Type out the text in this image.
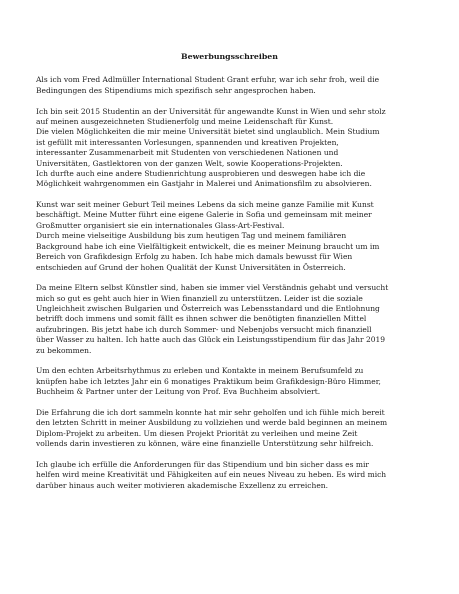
Bewerbungsschreiben

Als ich vom Fred Adlmüller International Student Grant erfuhr, war ich sehr froh, weil die
Bedingungen des Stipendiums mich spezifisch sehr angesprochen haben.

Ich bin seit 2015 Studentin an der Universität für angewandte Kunst in Wien und sehr stolz
auf meinen ausgezeichneten Studienerfolg und meine Leidenschaft für Kunst.
Die vielen Möglichkeiten die mir meine Universität bietet sind unglaublich. Mein Studium
ist gefüllt mit interessanten Vorlesungen, spannenden und kreativen Projekten,
interessanter Zusammenarbeit mit Studenten von verschiedenen Nationen und
Universitäten, Gastlektoren von der ganzen Welt, sowie Kooperations-Projekten.
Ich durfte auch eine andere Studienrichtung ausprobieren und deswegen habe ich die
Möglichkeit wahrgenommen ein Gastjahr in Malerei und Animationsfilm zu absolvieren.

Kunst war seit meiner Geburt Teil meines Lebens da sich meine ganze Familie mit Kunst
beschäftigt. Meine Mutter führt eine eigene Galerie in Sofia und gemeinsam mit meiner
Großmutter organisiert sie ein internationales Glass-Art-Festival.
Durch meine vielseitige Ausbildung bis zum heutigen Tag und meinem familiären
Background habe ich eine Vielfältigkeit entwickelt, die es meiner Meinung braucht um im
Bereich von Grafikdesign Erfolg zu haben. Ich habe mich damals bewusst für Wien
entschieden auf Grund der hohen Qualität der Kunst Universitäten in Österreich.

Da meine Eltern selbst Künstler sind, haben sie immer viel Verständnis gehabt und versucht
mich so gut es geht auch hier in Wien finanziell zu unterstützen. Leider ist die soziale
Ungleichheit zwischen Bulgarien und Österreich was Lebensstandard und die Entlohnung
betrifft doch immens und somit fällt es ihnen schwer die benötigten finanziellen Mittel
aufzubringen. Bis jetzt habe ich durch Sommer- und Nebenjobs versucht mich finanziell
über Wasser zu halten. Ich hatte auch das Glück ein Leistungsstipendium für das Jahr 2019
zu bekommen.

Um den echten Arbeitsrhythmus zu erleben und Kontakte in meinem Berufsumfeld zu
knüpfen habe ich letztes Jahr ein 6 monatiges Praktikum beim Grafikdesign-Büro Himmer,
Buchheim & Partner unter der Leitung von Prof. Eva Buchheim absolviert.

Die Erfahrung die ich dort sammeln konnte hat mir sehr geholfen und ich fühle mich bereit
den letzten Schritt in meiner Ausbildung zu vollziehen und werde bald beginnen an meinem
Diplom-Projekt zu arbeiten. Um diesen Projekt Priorität zu verleihen und meine Zeit
vollends darin investieren zu können, wäre eine finanzielle Unterstützung sehr hilfreich.

Ich glaube ich erfülle die Anforderungen für das Stipendium und bin sicher dass es mir
helfen wird meine Kreativität und Fähigkeiten auf ein neues Niveau zu heben. Es wird mich
darüber hinaus auch weiter motivieren akademische Exzellenz zu erreichen.
